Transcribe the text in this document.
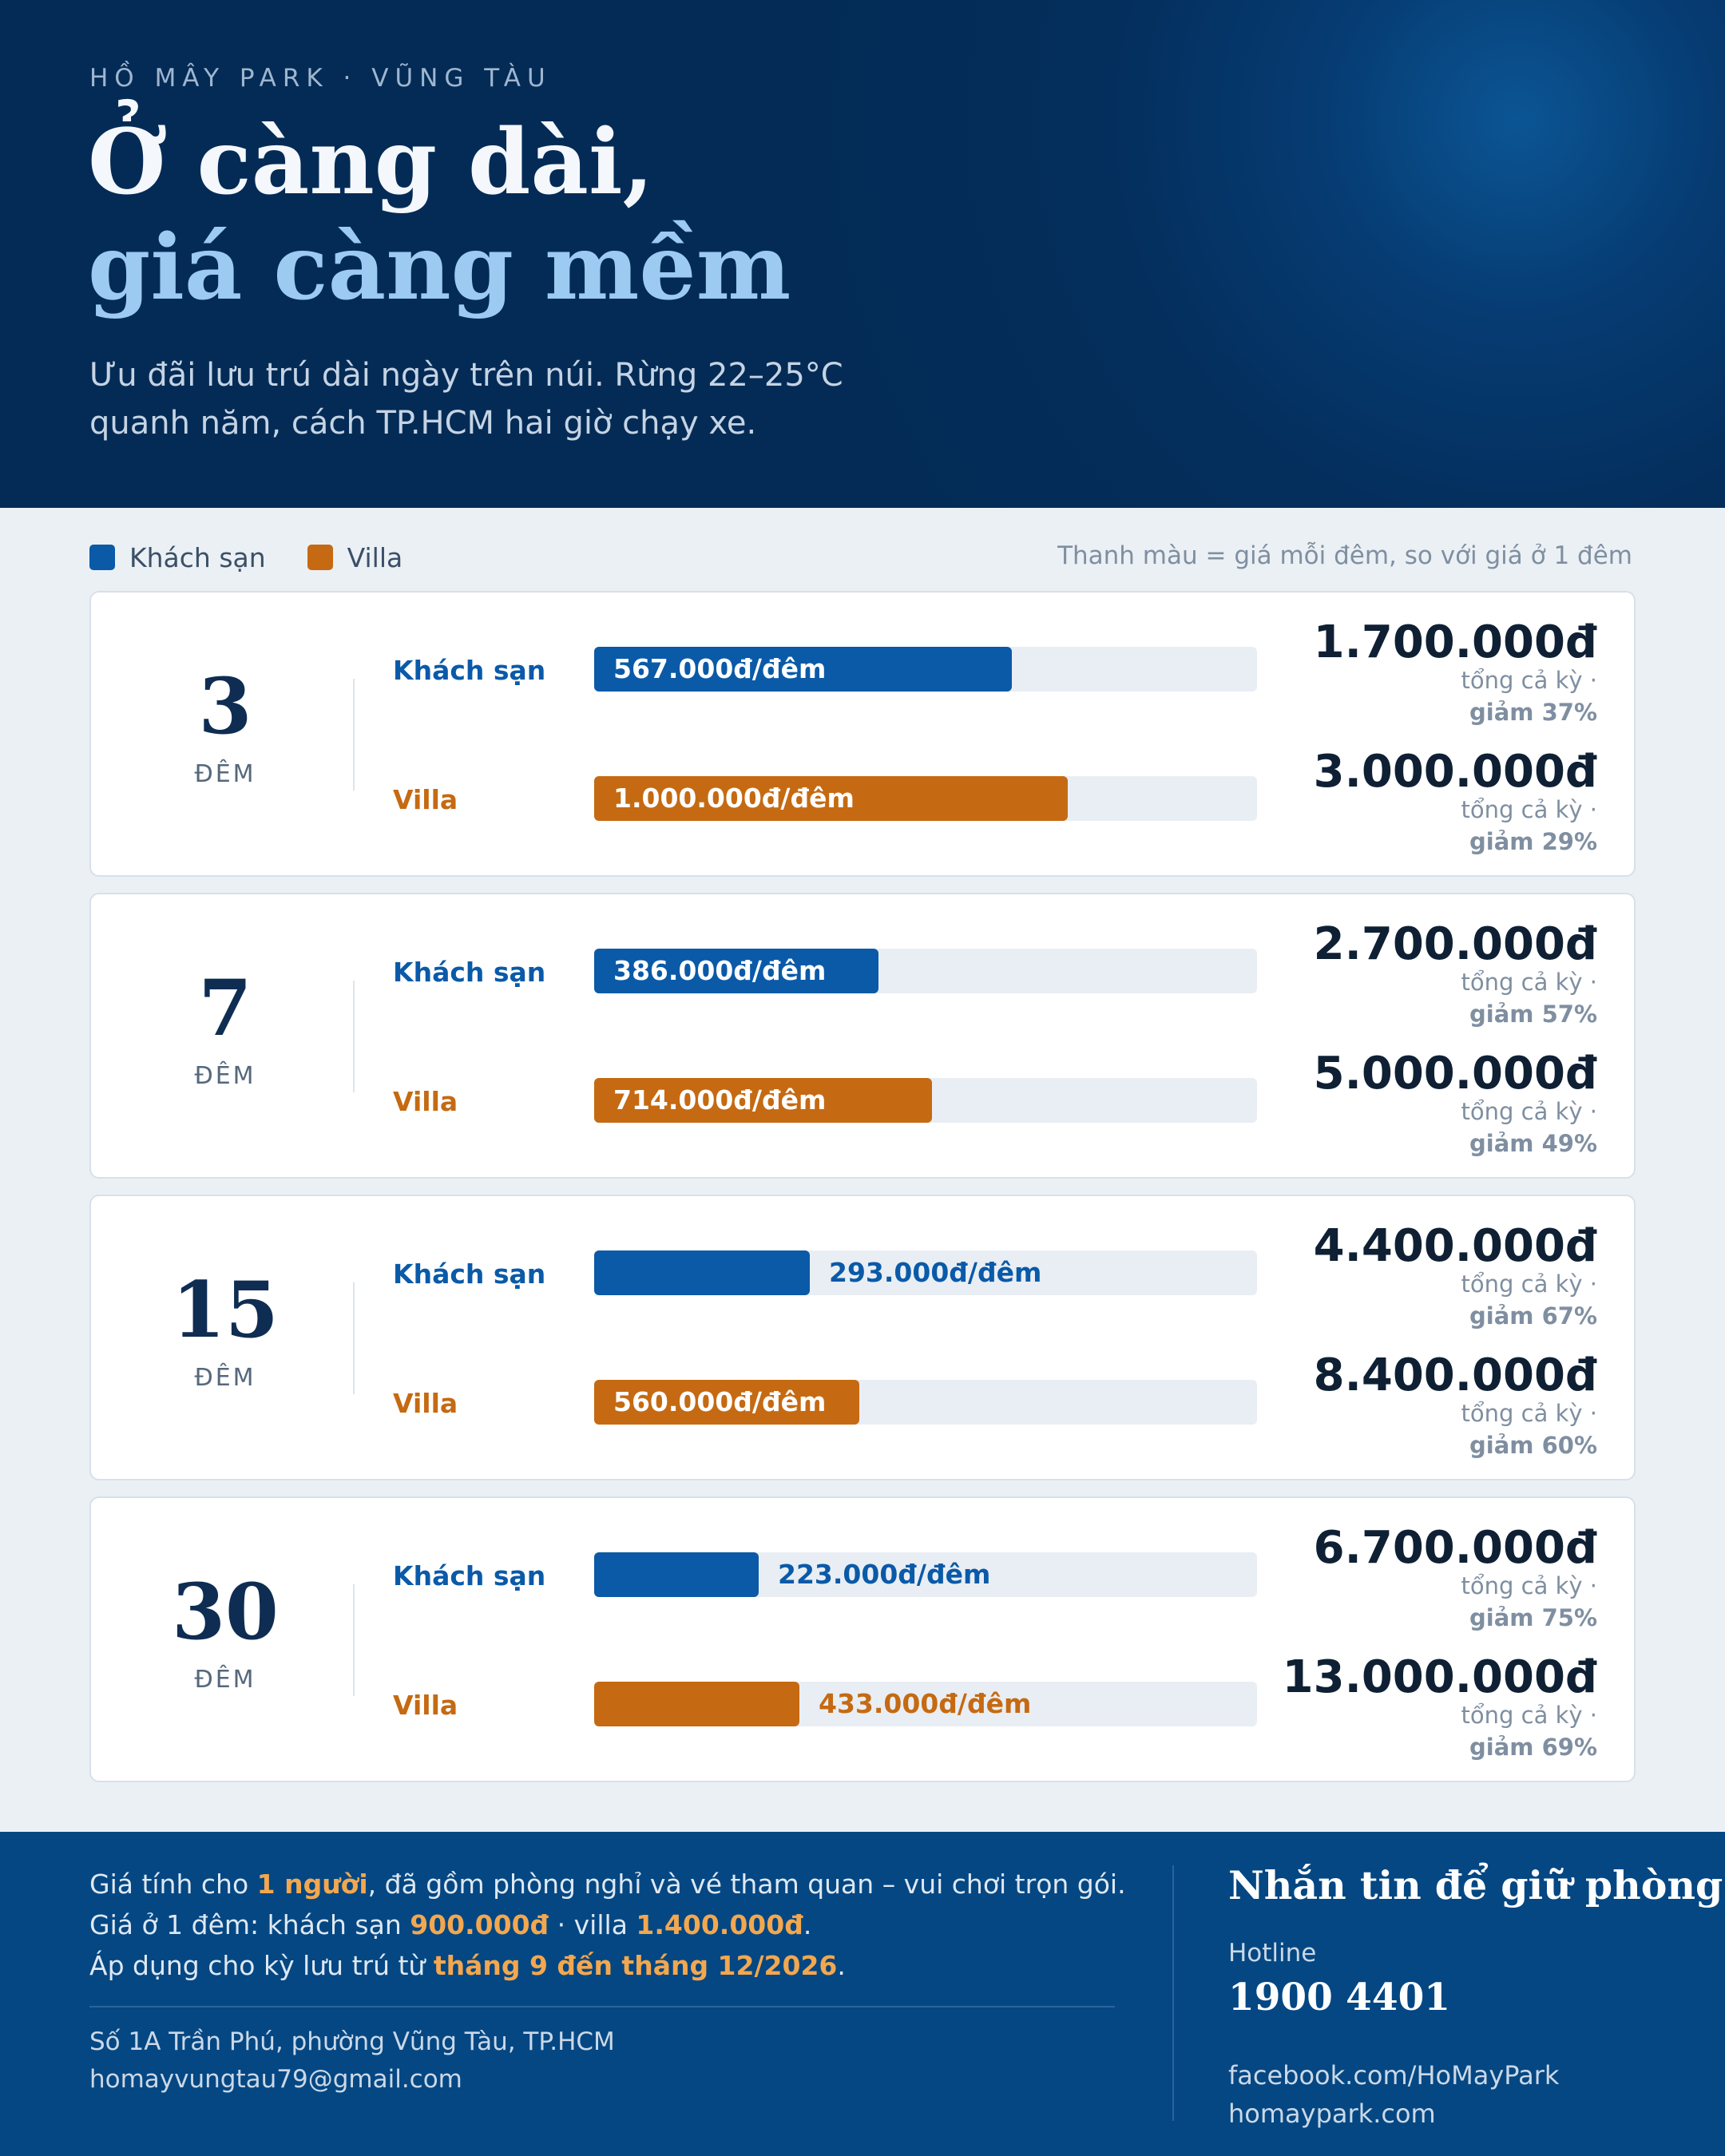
HỒ MÂY PARK · VŨNG TÀU
Ở càng dài,
giá càng mềm
Ưu đãi lưu trú dài ngày trên núi. Rừng 22–25°C
quanh năm, cách TP.HCM hai giờ chạy xe.
Khách sạn	Villa	Thanh màu = giá mỗi đêm, so với giá ở 1 đêm
3
ĐÊM
Khách sạn	567.000đ/đêm
1.700.000đ
tổng cả kỳ ·
giảm 37%
Villa	1.000.000đ/đêm
3.000.000đ
tổng cả kỳ ·
giảm 29%
7
ĐÊM
Khách sạn	386.000đ/đêm
2.700.000đ
tổng cả kỳ ·
giảm 57%
Villa	714.000đ/đêm
5.000.000đ
tổng cả kỳ ·
giảm 49%
15
ĐÊM
Khách sạn	293.000đ/đêm
4.400.000đ
tổng cả kỳ ·
giảm 67%
Villa	560.000đ/đêm
8.400.000đ
tổng cả kỳ ·
giảm 60%
30
ĐÊM
Khách sạn	223.000đ/đêm
6.700.000đ
tổng cả kỳ ·
giảm 75%
Villa	433.000đ/đêm
13.000.000đ
tổng cả kỳ ·
giảm 69%
Giá tính cho 1 người, đã gồm phòng nghỉ và vé tham quan – vui chơi trọn gói.
Giá ở 1 đêm: khách sạn 900.000đ · villa 1.400.000đ.
Áp dụng cho kỳ lưu trú từ tháng 9 đến tháng 12/2026.
Số 1A Trần Phú, phường Vũng Tàu, TP.HCM
homayvungtau79@gmail.com
Nhắn tin để giữ phòng
Hotline
1900 4401
facebook.com/HoMayPark
homaypark.com
